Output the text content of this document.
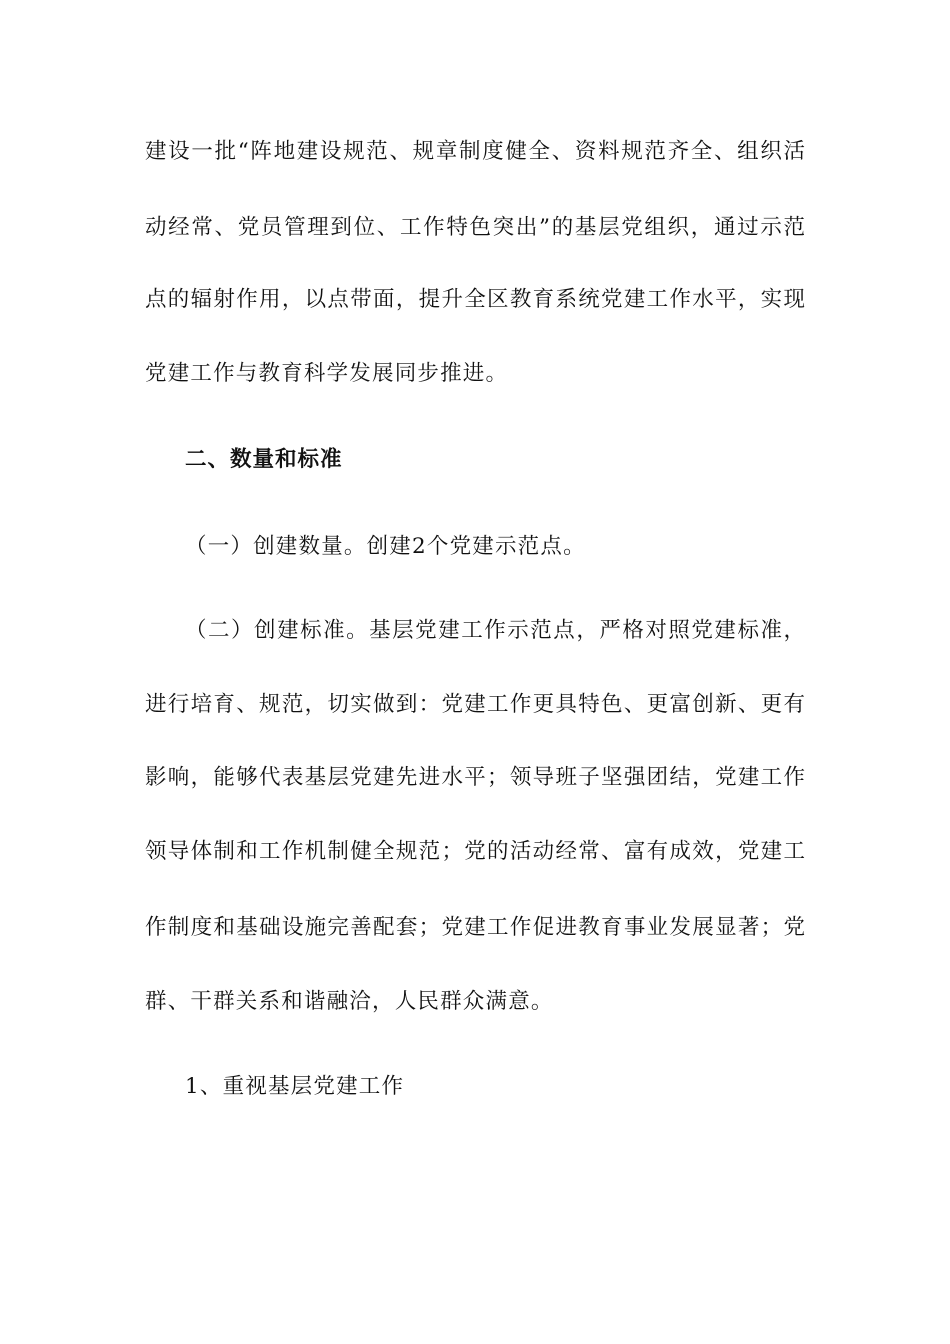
建设一批“阵地建设规范、规章制度健全、资料规范齐全、组织活
动经常、党员管理到位、工作特色突出”的基层党组织，通过示范
点的辐射作用，以点带面，提升全区教育系统党建工作水平，实现
党建工作与教育科学发展同步推进。
二、数量和标准
（一）创建数量。创建2个党建示范点。
（二）创建标准。基层党建工作示范点，严格对照党建标准，
进行培育、规范，切实做到：党建工作更具特色、更富创新、更有
影响，能够代表基层党建先进水平；领导班子坚强团结，党建工作
领导体制和工作机制健全规范；党的活动经常、富有成效，党建工
作制度和基础设施完善配套；党建工作促进教育事业发展显著；党
群、干群关系和谐融洽，人民群众满意。
1、重视基层党建工作
